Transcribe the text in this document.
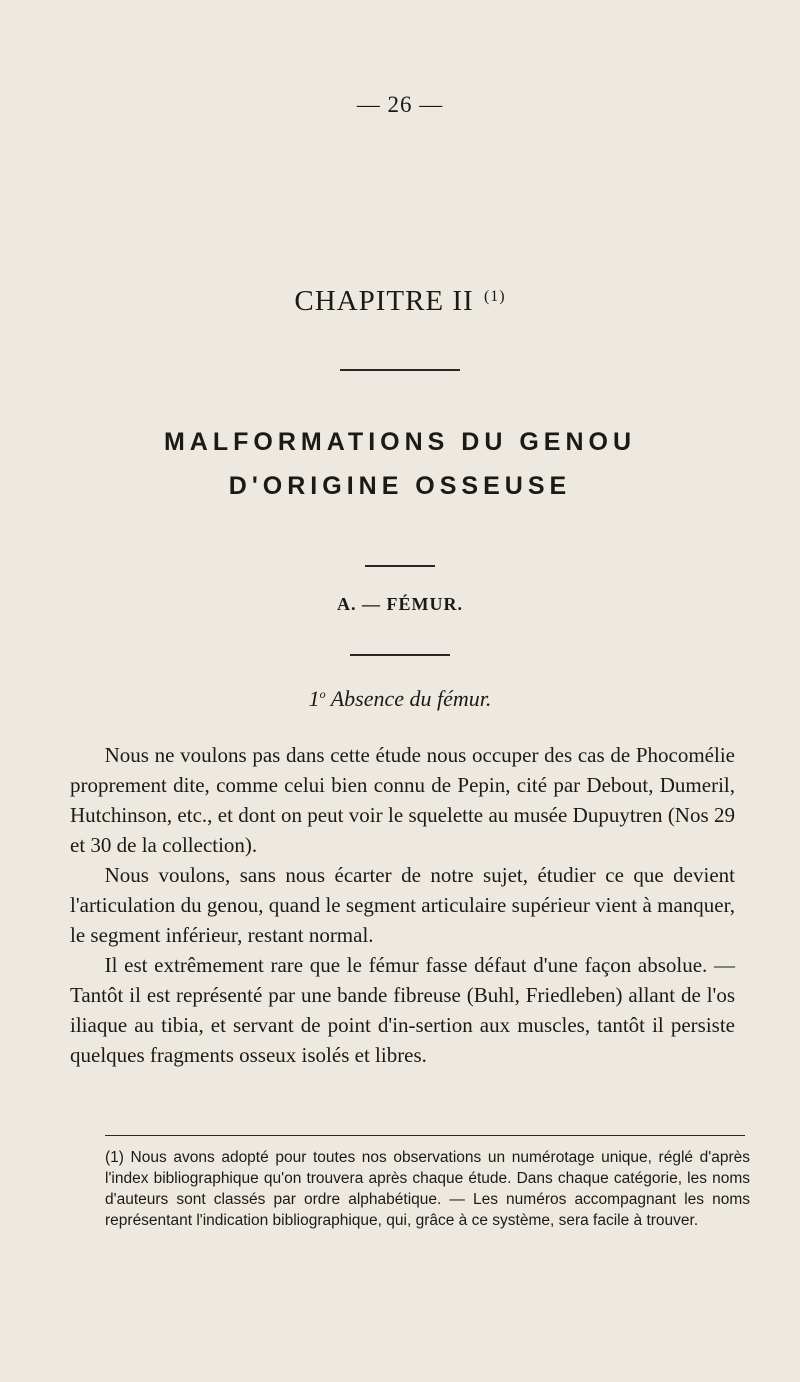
— 26 —
CHAPITRE II $^{(1)}$
MALFORMATIONS DU GENOU
D'ORIGINE OSSEUSE
A. — FÉMUR.
1$^o$ Absence du fémur.

Nous ne voulons pas dans cette étude nous occuper des cas de Phocomélie proprement dite, comme celui bien connu de Pepin, cité par Debout, Dumeril, Hutchinson, etc., et dont on peut voir le squelette au musée Dupuytren (Nos 29 et 30 de la collection).

Nous voulons, sans nous écarter de notre sujet, étudier ce que devient l'articulation du genou, quand le segment articulaire supérieur vient à manquer, le segment inférieur, restant normal.

Il est extrêmement rare que le fémur fasse défaut d'une façon absolue. — Tantôt il est représenté par une bande fibreuse (Buhl, Friedleben) allant de l'os iliaque au tibia, et servant de point d'in-sertion aux muscles, tantôt il persiste quelques fragments osseux isolés et libres.

(1) Nous avons adopté pour toutes nos observations un numérotage unique, réglé d'après l'index bibliographique qu'on trouvera après chaque étude. Dans chaque catégorie, les noms d'auteurs sont classés par ordre alphabétique. — Les numéros accompagnant les noms représentant l'indication bibliographique, qui, grâce à ce système, sera facile à trouver.
